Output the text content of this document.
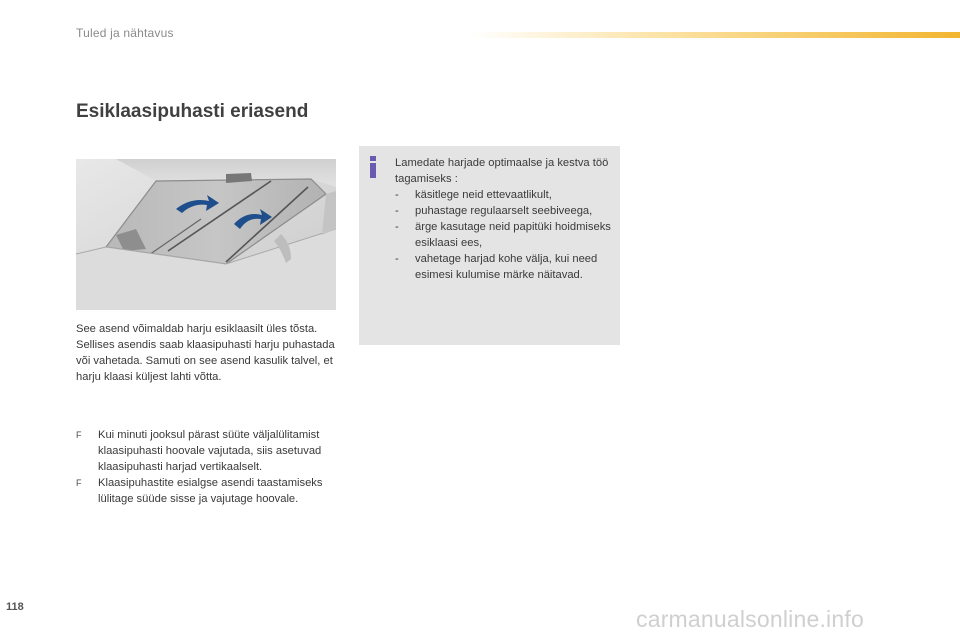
Tuled ja nähtavus
Esiklaasipuhasti eriasend

See asend võimaldab harju esiklaasilt üles tõsta.

Sellises asendis saab klaasipuhasti harju puhastada või vahetada. Samuti on see asend kasulik talvel, et harju klaasi küljest lahti võtta.

F	Kui minuti jooksul pärast süüte väljalülitamist klaasipuhasti hoovale vajutada, siis asetuvad klaasipuhasti harjad vertikaalselt.
F	Klaasipuhastite esialgse asendi taastamiseks lülitage süüde sisse ja vajutage hoovale.

Lamedate harjade optimaalse ja kestva töö tagamiseks :

-	käsitlege neid ettevaatlikult,
-	puhastage regulaarselt seebiveega,
-	ärge kasutage neid papitüki hoidmiseks esiklaasi ees,
-	vahetage harjad kohe välja, kui need esimesi kulumise märke näitavad.
118	carmanualsonline.info
